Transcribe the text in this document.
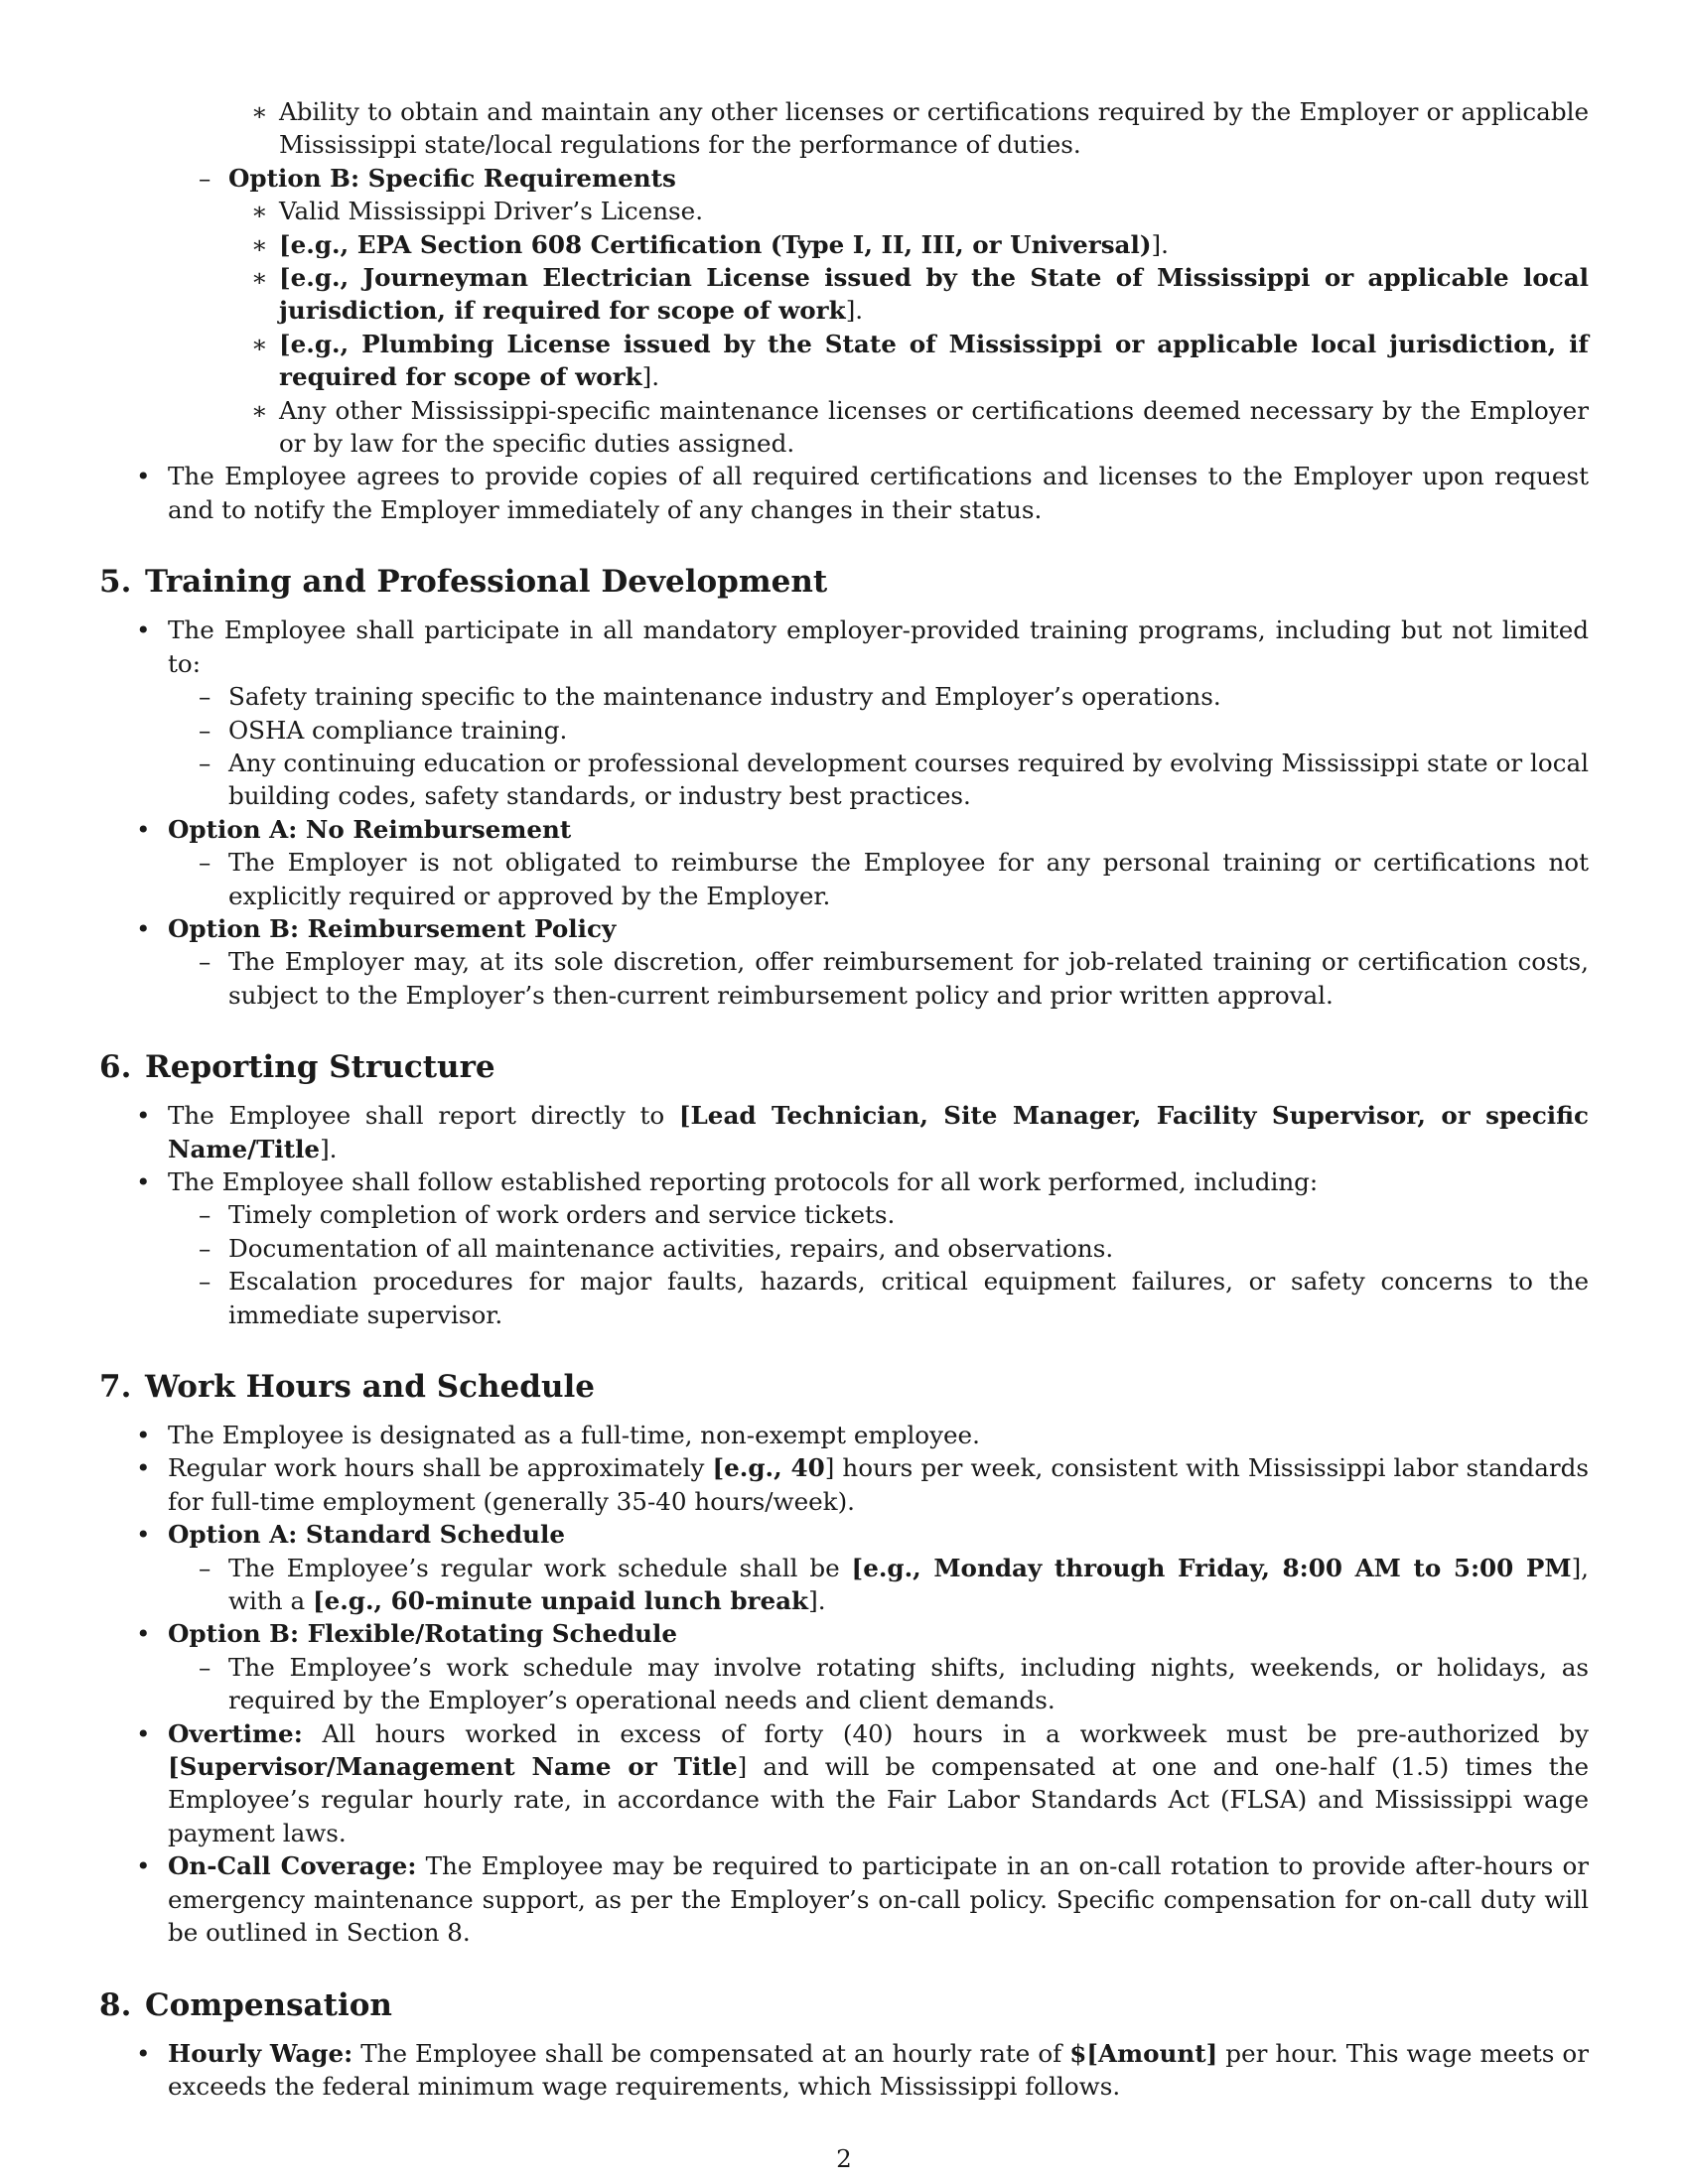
∗ Ability to obtain and maintain any other licenses or certifications required by the Employer or applicable Mississippi state/local regulations for the performance of duties.
– Option B: Specific Requirements
∗ Valid Mississippi Driver’s License.
∗ [e.g., EPA Section 608 Certification (Type I, II, III, or Universal)].
∗ [e.g., Journeyman Electrician License issued by the State of Mississippi or applicable local jurisdiction, if required for scope of work].
∗ [e.g., Plumbing License issued by the State of Mississippi or applicable local jurisdiction, if required for scope of work].
∗ Any other Mississippi-specific maintenance licenses or certifications deemed necessary by the Employer or by law for the specific duties assigned.
• The Employee agrees to provide copies of all required certifications and licenses to the Employer upon request and to notify the Employer immediately of any changes in their status.
5. Training and Professional Development
• The Employee shall participate in all mandatory employer-provided training programs, including but not limited to:
– Safety training specific to the maintenance industry and Employer’s operations.
– OSHA compliance training.
– Any continuing education or professional development courses required by evolving Mississippi state or local building codes, safety standards, or industry best practices.
• Option A: No Reimbursement
– The Employer is not obligated to reimburse the Employee for any personal training or certifications not explicitly required or approved by the Employer.
• Option B: Reimbursement Policy
– The Employer may, at its sole discretion, offer reimbursement for job-related training or certification costs, subject to the Employer’s then-current reimbursement policy and prior written approval.
6. Reporting Structure
• The Employee shall report directly to [Lead Technician, Site Manager, Facility Supervisor, or specific Name/Title].
• The Employee shall follow established reporting protocols for all work performed, including:
– Timely completion of work orders and service tickets.
– Documentation of all maintenance activities, repairs, and observations.
– Escalation procedures for major faults, hazards, critical equipment failures, or safety concerns to the immediate supervisor.
7. Work Hours and Schedule
• The Employee is designated as a full-time, non-exempt employee.
• Regular work hours shall be approximately [e.g., 40] hours per week, consistent with Mississippi labor standards for full-time employment (generally 35-40 hours/week).
• Option A: Standard Schedule
– The Employee’s regular work schedule shall be [e.g., Monday through Friday, 8:00 AM to 5:00 PM], with a [e.g., 60-minute unpaid lunch break].
• Option B: Flexible/Rotating Schedule
– The Employee’s work schedule may involve rotating shifts, including nights, weekends, or holidays, as required by the Employer’s operational needs and client demands.
• Overtime: All hours worked in excess of forty (40) hours in a workweek must be pre-authorized by [Supervisor/Management Name or Title] and will be compensated at one and one-half (1.5) times the Employee’s regular hourly rate, in accordance with the Fair Labor Standards Act (FLSA) and Mississippi wage payment laws.
• On-Call Coverage: The Employee may be required to participate in an on-call rotation to provide after-hours or emergency maintenance support, as per the Employer’s on-call policy. Specific compensation for on-call duty will be outlined in Section 8.
8. Compensation
• Hourly Wage: The Employee shall be compensated at an hourly rate of $[Amount] per hour. This wage meets or exceeds the federal minimum wage requirements, which Mississippi follows.
2
